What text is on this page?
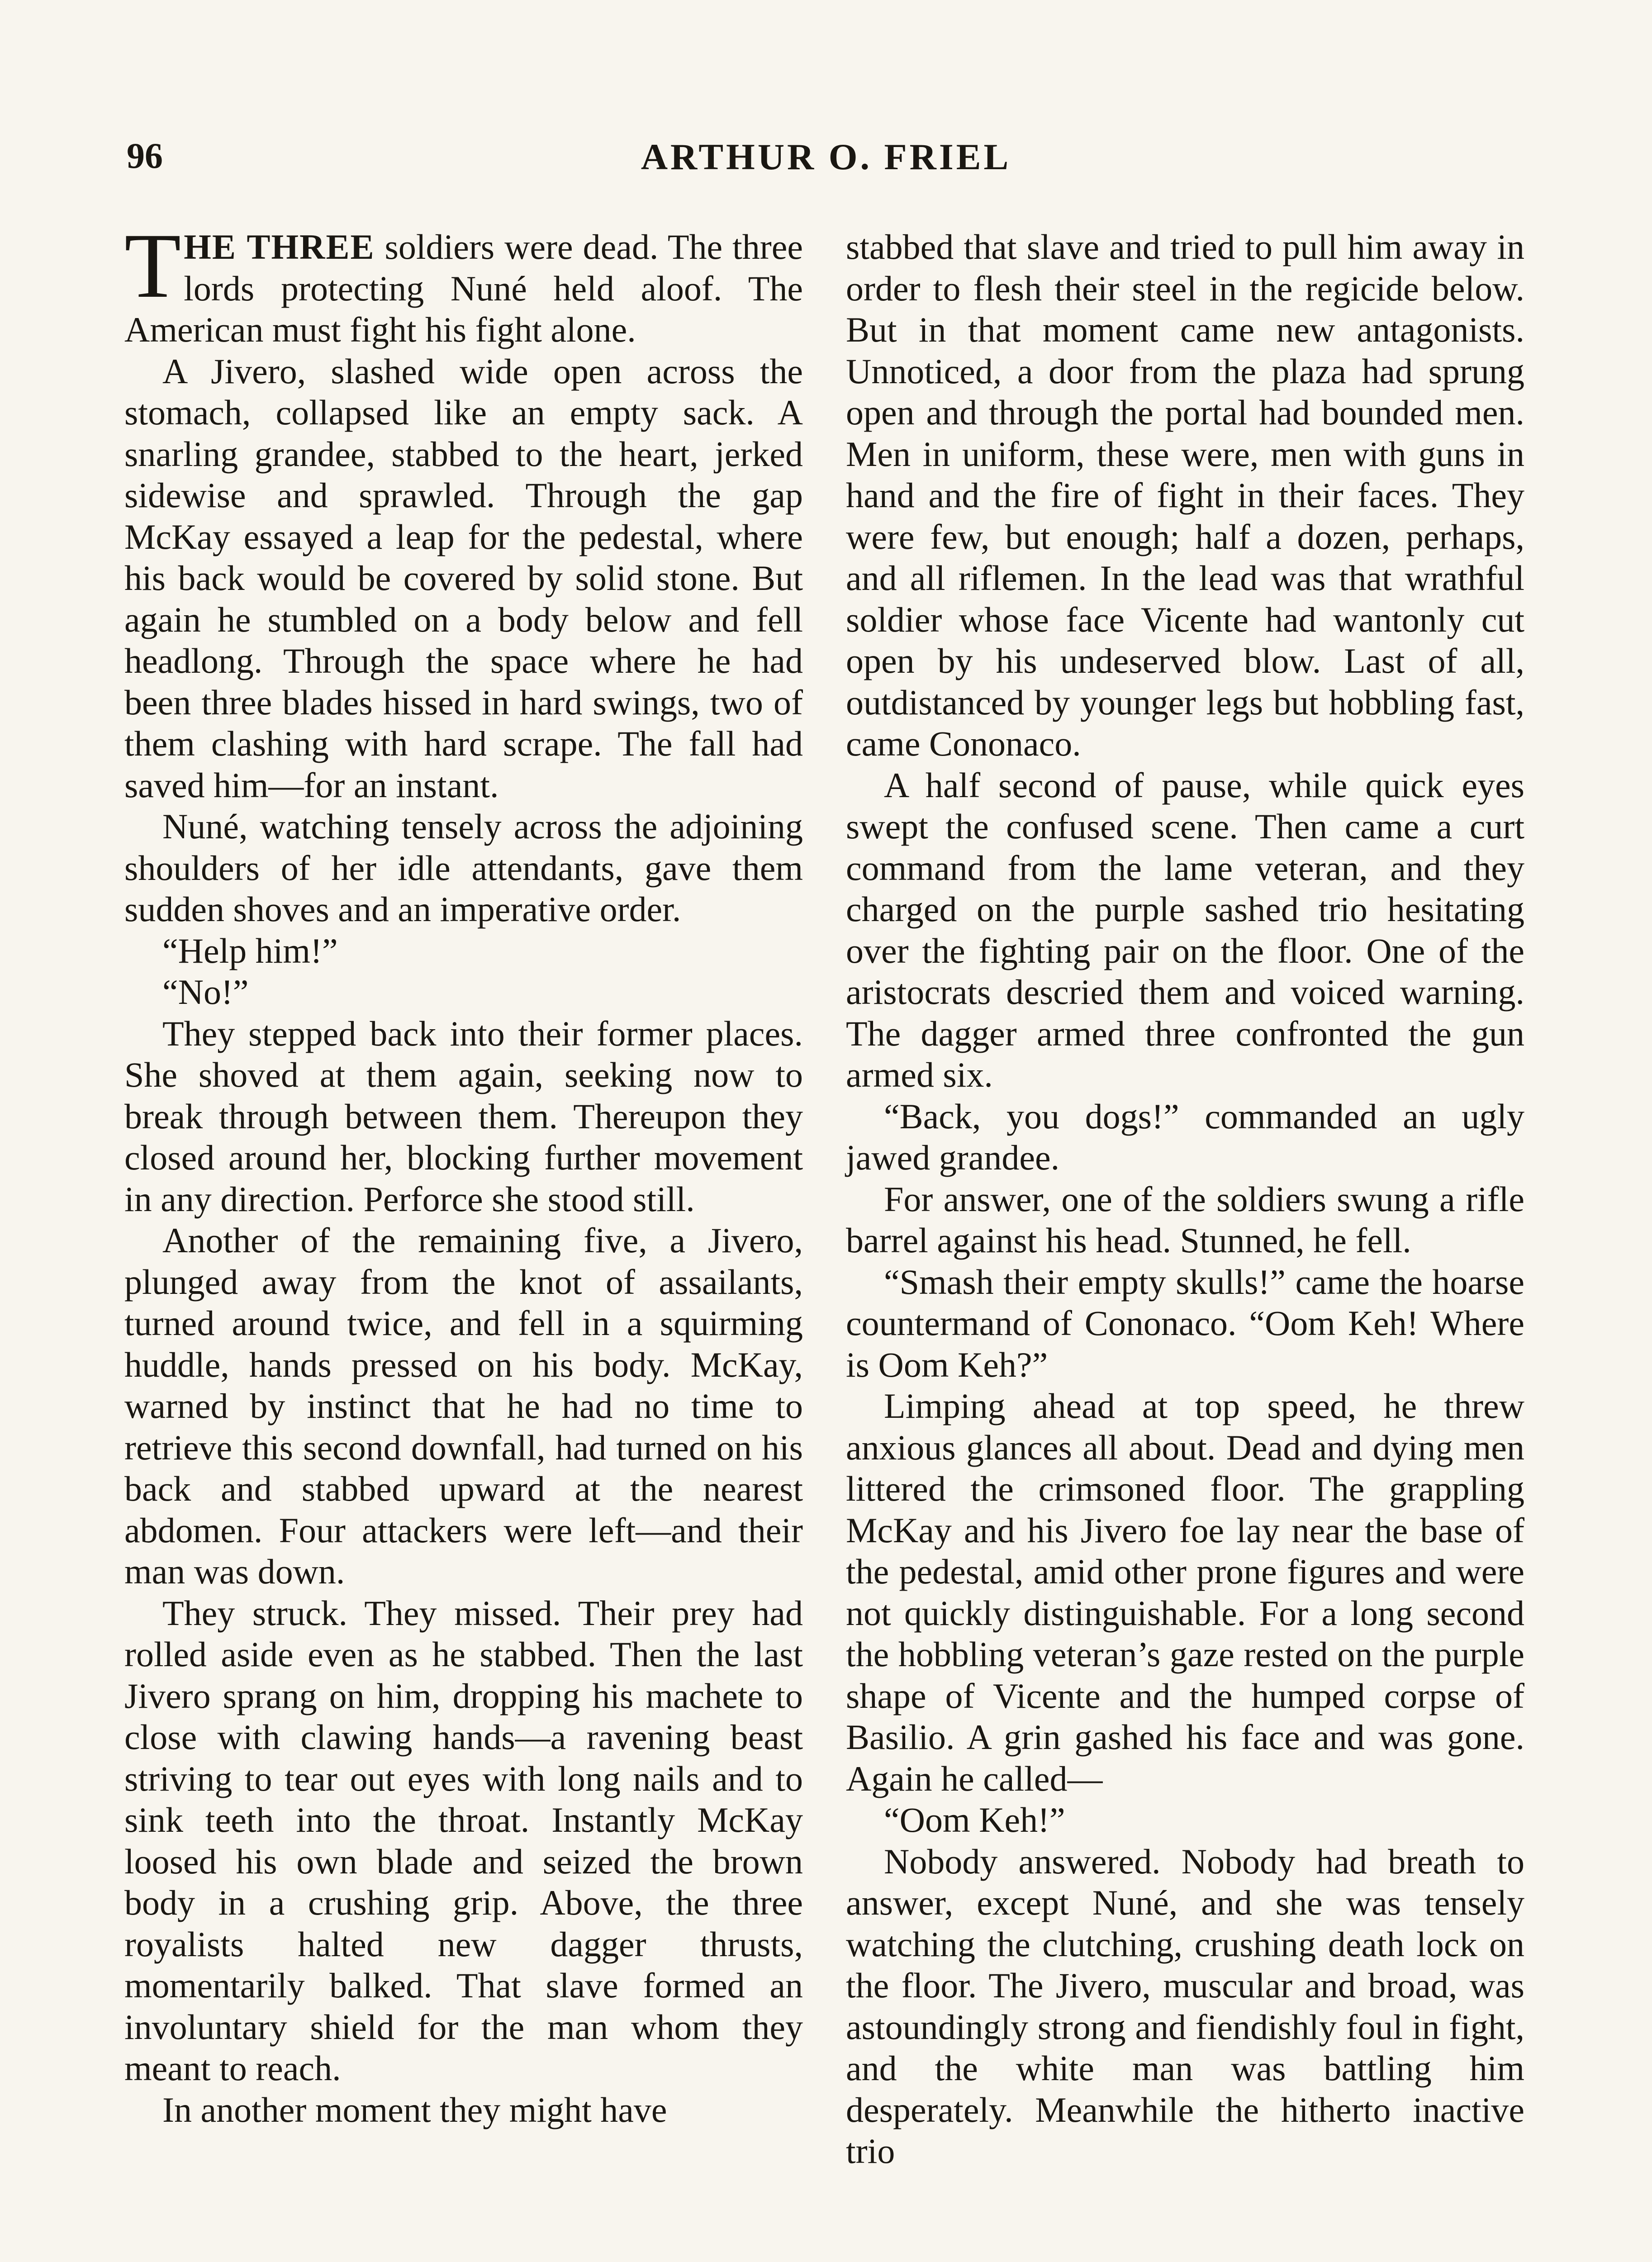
96	ARTHUR O. FRIEL

THE THREE soldiers were dead. The three lords protecting Nuné held aloof. The American must fight his fight alone.

A Jivero, slashed wide open across the stomach, collapsed like an empty sack. A snarling grandee, stabbed to the heart, jerked sidewise and sprawled. Through the gap McKay essayed a leap for the pedestal, where his back would be covered by solid stone. But again he stumbled on a body below and fell headlong. Through the space where he had been three blades hissed in hard swings, two of them clashing with hard scrape. The fall had saved him—for an instant.

Nuné, watching tensely across the adjoining shoulders of her idle attendants, gave them sudden shoves and an imperative order.

“Help him!”

“No!”

They stepped back into their former places. She shoved at them again, seeking now to break through between them. Thereupon they closed around her, blocking further movement in any direction. Perforce she stood still.

Another of the remaining five, a Jivero, plunged away from the knot of assailants, turned around twice, and fell in a squirming huddle, hands pressed on his body. McKay, warned by instinct that he had no time to retrieve this second downfall, had turned on his back and stabbed upward at the nearest abdomen. Four attackers were left—and their man was down.

They struck. They missed. Their prey had rolled aside even as he stabbed. Then the last Jivero sprang on him, dropping his machete to close with clawing hands—a ravening beast striving to tear out eyes with long nails and to sink teeth into the throat. Instantly McKay loosed his own blade and seized the brown body in a crushing grip. Above, the three royalists halted new dagger thrusts, momentarily balked. That slave formed an involuntary shield for the man whom they meant to reach.

In another moment they might have

stabbed that slave and tried to pull him away in order to flesh their steel in the regicide below. But in that moment came new antagonists. Unnoticed, a door from the plaza had sprung open and through the portal had bounded men. Men in uniform, these were, men with guns in hand and the fire of fight in their faces. They were few, but enough; half a dozen, perhaps, and all riflemen. In the lead was that wrathful soldier whose face Vicente had wantonly cut open by his undeserved blow. Last of all, outdistanced by younger legs but hobbling fast, came Cononaco.

A half second of pause, while quick eyes swept the confused scene. Then came a curt command from the lame veteran, and they charged on the purple sashed trio hesitating over the fighting pair on the floor. One of the aristocrats descried them and voiced warning. The dagger armed three confronted the gun armed six.

“Back, you dogs!” commanded an ugly jawed grandee.

For answer, one of the soldiers swung a rifle barrel against his head. Stunned, he fell.

“Smash their empty skulls!” came the hoarse countermand of Cononaco. “Oom Keh! Where is Oom Keh?”

Limping ahead at top speed, he threw anxious glances all about. Dead and dying men littered the crimsoned floor. The grappling McKay and his Jivero foe lay near the base of the pedestal, amid other prone figures and were not quickly distinguishable. For a long second the hobbling veteran’s gaze rested on the purple shape of Vicente and the humped corpse of Basilio. A grin gashed his face and was gone. Again he called—

“Oom Keh!”

Nobody answered. Nobody had breath to answer, except Nuné, and she was tensely watching the clutching, crushing death lock on the floor. The Jivero, muscular and broad, was astoundingly strong and fiendishly foul in fight, and the white man was battling him desperately. Meanwhile the hitherto inactive trio
